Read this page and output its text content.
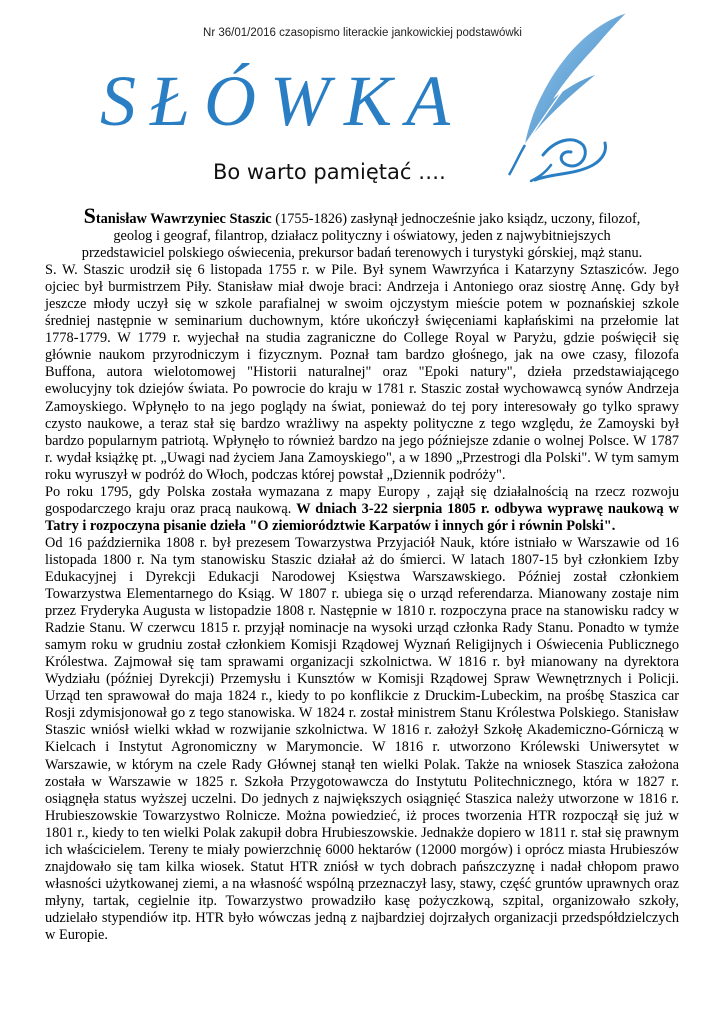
Nr 36/01/2016 czasopismo literackie jankowickiej podstawówki
SŁÓWKA
Bo warto pamiętać ….
Stanisław Wawrzyniec Staszic (1755-1826) zasłynął jednocześnie jako ksiądz, uczony, filozof,
geolog i geograf, filantrop, działacz polityczny i oświatowy, jeden z najwybitniejszych
przedstawiciel polskiego oświecenia, prekursor badań terenowych i turystyki górskiej, mąż stanu.

S. W. Staszic urodził się 6 listopada 1755 r. w Pile. Był synem Wawrzyńca i Katarzyny Sztasziców. Jego ojciec był burmistrzem Piły. Stanisław miał dwoje braci: Andrzeja i Antoniego oraz siostrę Annę. Gdy był jeszcze młody uczył się w szkole parafialnej w swoim ojczystym mieście potem w poznańskiej szkole średniej następnie w seminarium duchownym, które ukończył święceniami kapłańskimi na przełomie lat 1778-1779. W 1779 r. wyjechał na studia zagraniczne do College Royal w Paryżu, gdzie poświęcił się głównie naukom przyrodniczym i fizycznym. Poznał tam bardzo głośnego, jak na owe czasy, filozofa Buffona, autora wielotomowej "Historii naturalnej" oraz "Epoki natury", dzieła przedstawiającego ewolucyjny tok dziejów świata. Po powrocie do kraju w 1781 r. Staszic został wychowawcą synów Andrzeja Zamoyskiego. Wpłynęło to na jego poglądy na świat, ponieważ do tej pory interesowały go tylko sprawy czysto naukowe, a teraz stał się bardzo wrażliwy na aspekty polityczne z tego względu, że Zamoyski był bardzo popularnym patriotą. Wpłynęło to również bardzo na jego późniejsze zdanie o wolnej Polsce. W 1787 r. wydał książkę pt. „Uwagi nad życiem Jana Zamoyskiego", a w 1890 „Przestrogi dla Polski". W tym samym roku wyruszył w podróż do Włoch, podczas której powstał „Dziennik podróży".

Po roku 1795, gdy Polska została wymazana z mapy Europy , zajął się działalnością na rzecz rozwoju gospodarczego kraju oraz pracą naukową. W dniach 3-22 sierpnia 1805 r. odbywa wyprawę naukową w Tatry i rozpoczyna pisanie dzieła "O ziemiorództwie Karpatów i innych gór i równin Polski".

Od 16 października 1808 r. był prezesem Towarzystwa Przyjaciół Nauk, które istniało w Warszawie od 16 listopada 1800 r. Na tym stanowisku Staszic działał aż do śmierci. W latach 1807-15 był członkiem Izby Edukacyjnej i Dyrekcji Edukacji Narodowej Księstwa Warszawskiego. Później został członkiem Towarzystwa Elementarnego do Ksiąg. W 1807 r. ubiega się o urząd referendarza. Mianowany zostaje nim przez Fryderyka Augusta w listopadzie 1808 r. Następnie w 1810 r. rozpoczyna prace na stanowisku radcy w Radzie Stanu. W czerwcu 1815 r. przyjął nominacje na wysoki urząd członka Rady Stanu. Ponadto w tymże samym roku w grudniu został członkiem Komisji Rządowej Wyznań Religijnych i Oświecenia Publicznego Królestwa. Zajmował się tam sprawami organizacji szkolnictwa. W 1816 r. był mianowany na dyrektora Wydziału (później Dyrekcji) Przemysłu i Kunsztów w Komisji Rządowej Spraw Wewnętrznych i Policji. Urząd ten sprawował do maja 1824 r., kiedy to po konflikcie z Druckim-Lubeckim, na prośbę Staszica car Rosji zdymisjonował go z tego stanowiska. W 1824 r. został ministrem Stanu Królestwa Polskiego. Stanisław Staszic wniósł wielki wkład w rozwijanie szkolnictwa. W 1816 r. założył Szkołę Akademiczno-Górniczą w Kielcach i Instytut Agronomiczny w Marymoncie. W 1816 r. utworzono Królewski Uniwersytet w Warszawie, w którym na czele Rady Głównej stanął ten wielki Polak. Także na wniosek Staszica założona została w Warszawie w 1825 r. Szkoła Przygotowawcza do Instytutu Politechnicznego, która w 1827 r. osiągnęła status wyższej uczelni. Do jednych z największych osiągnięć Staszica należy utworzone w 1816 r. Hrubieszowskie Towarzystwo Rolnicze. Można powiedzieć, iż proces tworzenia HTR rozpoczął się już w 1801 r., kiedy to ten wielki Polak zakupił dobra Hrubieszowskie. Jednakże dopiero w 1811 r. stał się prawnym ich właścicielem. Tereny te miały powierzchnię 6000 hektarów (12000 morgów) i oprócz miasta Hrubieszów znajdowało się tam kilka wiosek. Statut HTR zniósł w tych dobrach pańszczyznę i nadał chłopom prawo własności użytkowanej ziemi, a na własność wspólną przeznaczył lasy, stawy, część gruntów uprawnych oraz młyny, tartak, cegielnie itp. Towarzystwo prowadziło kasę pożyczkową, szpital, organizowało szkoły, udzielało stypendiów itp. HTR było wówczas jedną z najbardziej dojrzałych organizacji przedspółdzielczych w Europie.
